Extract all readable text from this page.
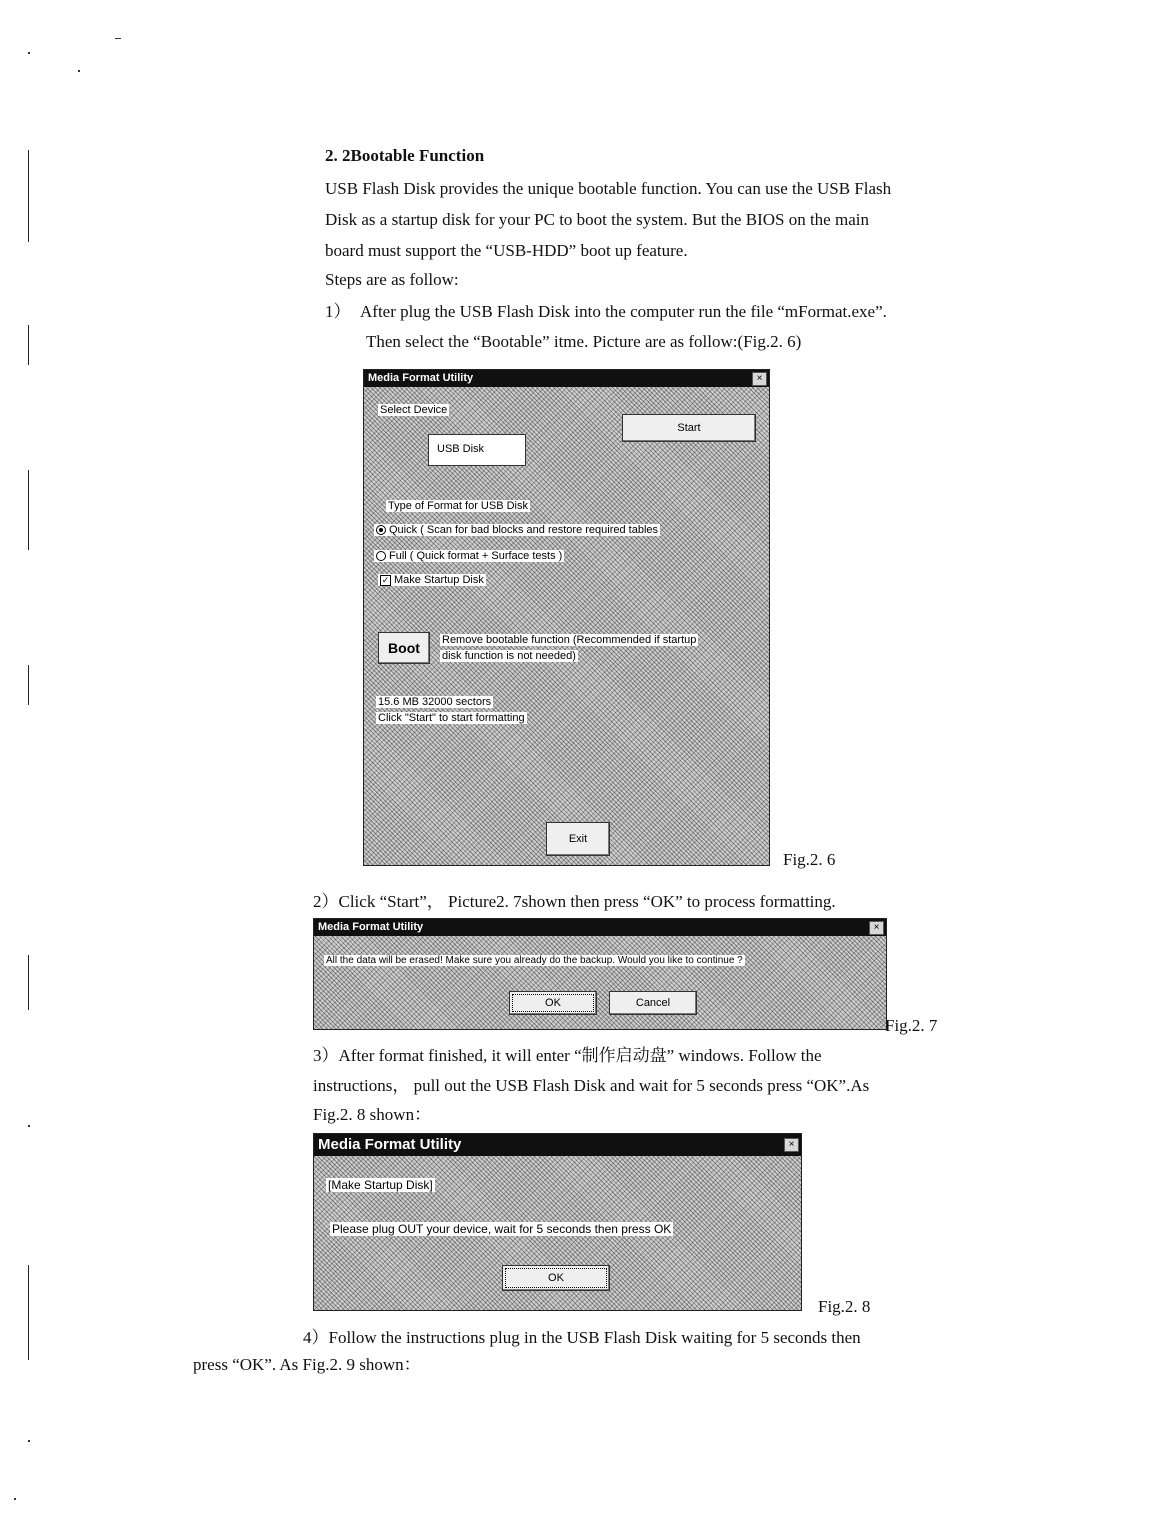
2. 2Bootable Function
USB Flash Disk provides the unique bootable function. You can use the USB Flash
Disk as a startup disk for your PC to boot the system. But the BIOS on the main
board must support the “USB-HDD” boot up feature.
Steps are as follow:
1） After plug the USB Flash Disk into the computer run the file “mFormat.exe”.
Then select the “Bootable” itme. Picture are as follow:(Fig.2. 6)
Media Format Utility	×
Select Device
USB Disk
Start
Type of Format for USB Disk
Quick ( Scan for bad blocks and restore required tables
Full ( Quick format + Surface tests )
✓ Make Startup Disk
Boot	Remove bootable function (Recommended if startup
disk function is not needed)
15.6 MB 32000 sectors
Click "Start" to start formatting
Exit
Fig.2. 6
2）Click “Start”， Picture2. 7shown then press “OK” to process formatting.
Media Format Utility	×
All the data will be erased! Make sure you already do the backup. Would you like to continue ?
OK	Cancel
Fig.2. 7
3）After format finished, it will enter “制作启动盘” windows. Follow the
instructions， pull out the USB Flash Disk and wait for 5 seconds press “OK”.As
Fig.2. 8 shown：
Media Format Utility	×
[Make Startup Disk]
Please plug OUT your device, wait for 5 seconds then press OK
OK
Fig.2. 8
4）Follow the instructions plug in the USB Flash Disk waiting for 5 seconds then
press “OK”. As Fig.2. 9 shown：
